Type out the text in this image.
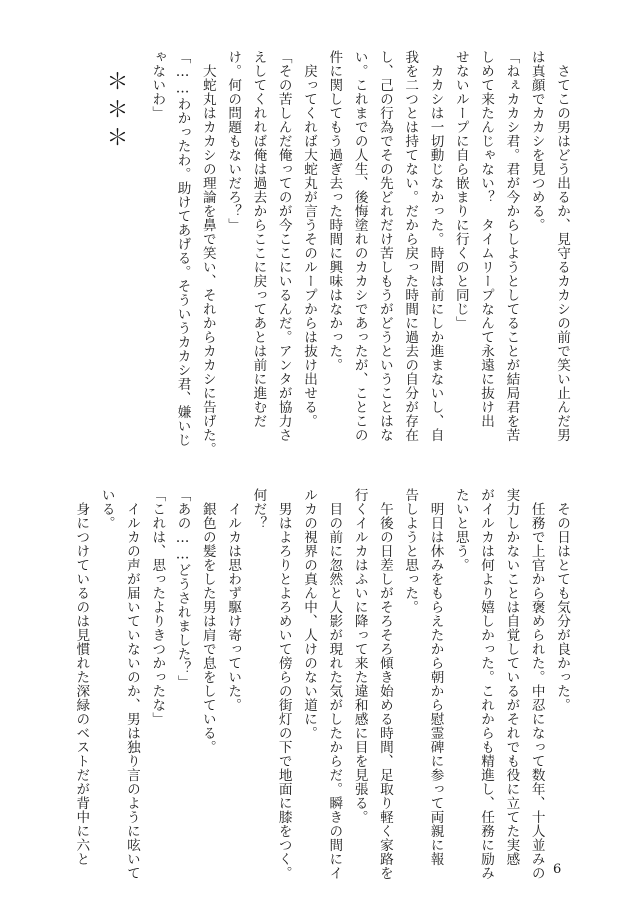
　さてこの男はどう出るか、見守るカカシの前で笑い止んだ男
は真顔でカカシを見つめる。
「ねぇカカシ君。君が今からしようとしてることが結局君を苦
しめて来たんじゃない？　タイムリープなんて永遠に抜け出
せないループに自ら嵌まりに行くのと同じ」
　カカシは一切動じなかった。時間は前にしか進まないし、自
我を二つとは持てない。だから戻った時間に過去の自分が存在
し、己の行為でその先どれだけ苦しもうがどうということはな
い。これまでの人生、後悔塗れのカカシであったが、ことこの
件に関してもう過ぎ去った時間に興味はなかった。
　戻ってくれば大蛇丸が言うそのループからは抜け出せる。
「その苦しんだ俺ってのが今ここにいるんだ。アンタが協力さ
えしてくれれば俺は過去からここに戻ってあとは前に進むだ
け。何の問題もないだろ？」
　大蛇丸はカカシの理論を鼻で笑い、それからカカシに告げた。
「……わかったわ。助けてあげる。そういうカカシ君、嫌いじ
ゃないわ」
＊＊＊
　その日はとても気分が良かった。
　任務で上官から褒められた。中忍になって数年、十人並みの
実力しかないことは自覚しているがそれでも役に立てた実感
がイルカは何より嬉しかった。これからも精進し、任務に励み
たいと思う。
　明日は休みをもらえたから朝から慰霊碑に参って両親に報
告しようと思った。
　午後の日差しがそろそろ傾き始める時間、足取り軽く家路を
行くイルカはふいに降って来た違和感に目を見張る。
　目の前に忽然と人影が現れた気がしたからだ。瞬きの間にイ
ルカの視界の真ん中、人けのない道に。
　男はよろりとよろめいて傍らの街灯の下で地面に膝をつく。
何だ？
　イルカは思わず駆け寄っていた。
　銀色の髪をした男は肩で息をしている。
「あの……どうされました？」
「これは、思ったよりきつかったな」
　イルカの声が届いていないのか、男は独り言のように呟いて
いる。
　身につけているのは見慣れた深緑のベストだが背中に六と
6
